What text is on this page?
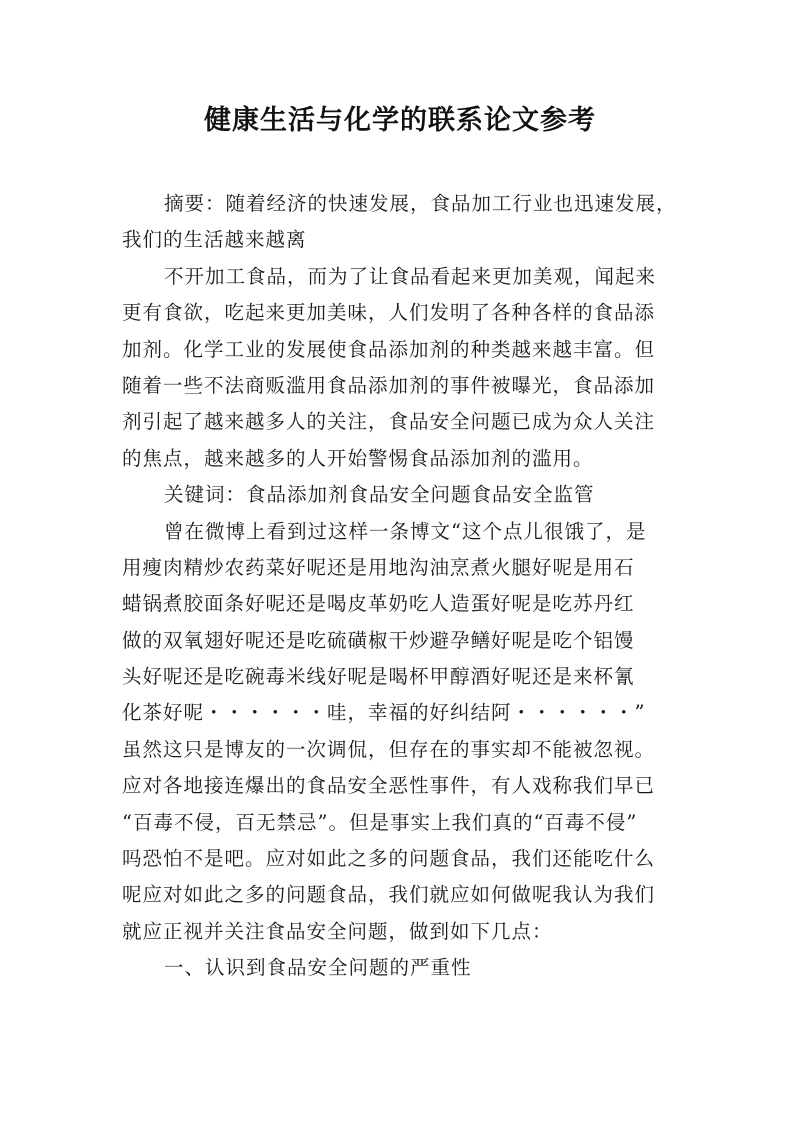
健康生活与化学的联系论文参考
摘要：随着经济的快速发展，食品加工行业也迅速发展，
我们的生活越来越离
不开加工食品，而为了让食品看起来更加美观，闻起来
更有食欲，吃起来更加美味，人们发明了各种各样的食品添
加剂。化学工业的发展使食品添加剂的种类越来越丰富。但
随着一些不法商贩滥用食品添加剂的事件被曝光，食品添加
剂引起了越来越多人的关注，食品安全问题已成为众人关注
的焦点，越来越多的人开始警惕食品添加剂的滥用。
关键词：食品添加剂食品安全问题食品安全监管
曾在微博上看到过这样一条博文“这个点儿很饿了，是
用瘦肉精炒农药菜好呢还是用地沟油烹煮火腿好呢是用石
蜡锅煮胶面条好呢还是喝皮革奶吃人造蛋好呢是吃苏丹红
做的双氧翅好呢还是吃硫磺椒干炒避孕鳝好呢是吃个铝馒
头好呢还是吃碗毒米线好呢是喝杯甲醇酒好呢还是来杯氰
化茶好呢・・・・・・哇，幸福的好纠结阿・・・・・・”
虽然这只是博友的一次调侃，但存在的事实却不能被忽视。
应对各地接连爆出的食品安全恶性事件，有人戏称我们早已
“百毒不侵，百无禁忌”。但是事实上我们真的“百毒不侵”
吗恐怕不是吧。应对如此之多的问题食品，我们还能吃什么
呢应对如此之多的问题食品，我们就应如何做呢我认为我们
就应正视并关注食品安全问题，做到如下几点：
一、认识到食品安全问题的严重性
